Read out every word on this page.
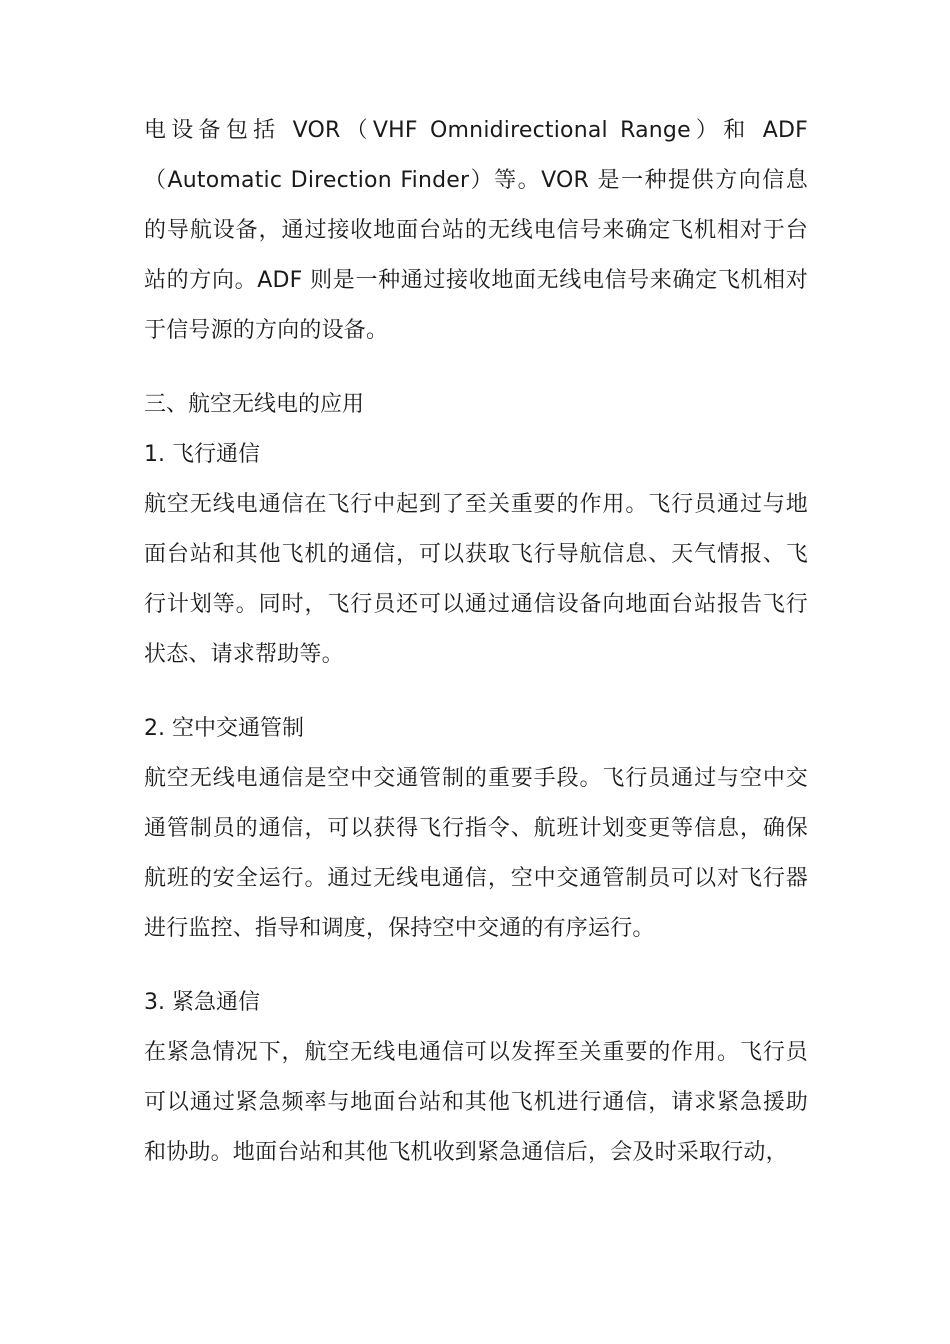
电设备包括 VOR（VHF Omnidirectional Range）和 ADF（Automatic Direction Finder）等。VOR 是一种提供方向信息的导航设备，通过接收地面台站的无线电信号来确定飞机相对于台站的方向。ADF 则是一种通过接收地面无线电信号来确定飞机相对于信号源的方向的设备。

三、航空无线电的应用

1. 飞行通信

航空无线电通信在飞行中起到了至关重要的作用。飞行员通过与地面台站和其他飞机的通信，可以获取飞行导航信息、天气情报、飞行计划等。同时，飞行员还可以通过通信设备向地面台站报告飞行状态、请求帮助等。

2. 空中交通管制

航空无线电通信是空中交通管制的重要手段。飞行员通过与空中交通管制员的通信，可以获得飞行指令、航班计划变更等信息，确保航班的安全运行。通过无线电通信，空中交通管制员可以对飞行器进行监控、指导和调度，保持空中交通的有序运行。

3. 紧急通信

在紧急情况下，航空无线电通信可以发挥至关重要的作用。飞行员可以通过紧急频率与地面台站和其他飞机进行通信，请求紧急援助和协助。地面台站和其他飞机收到紧急通信后，会及时采取行动，
